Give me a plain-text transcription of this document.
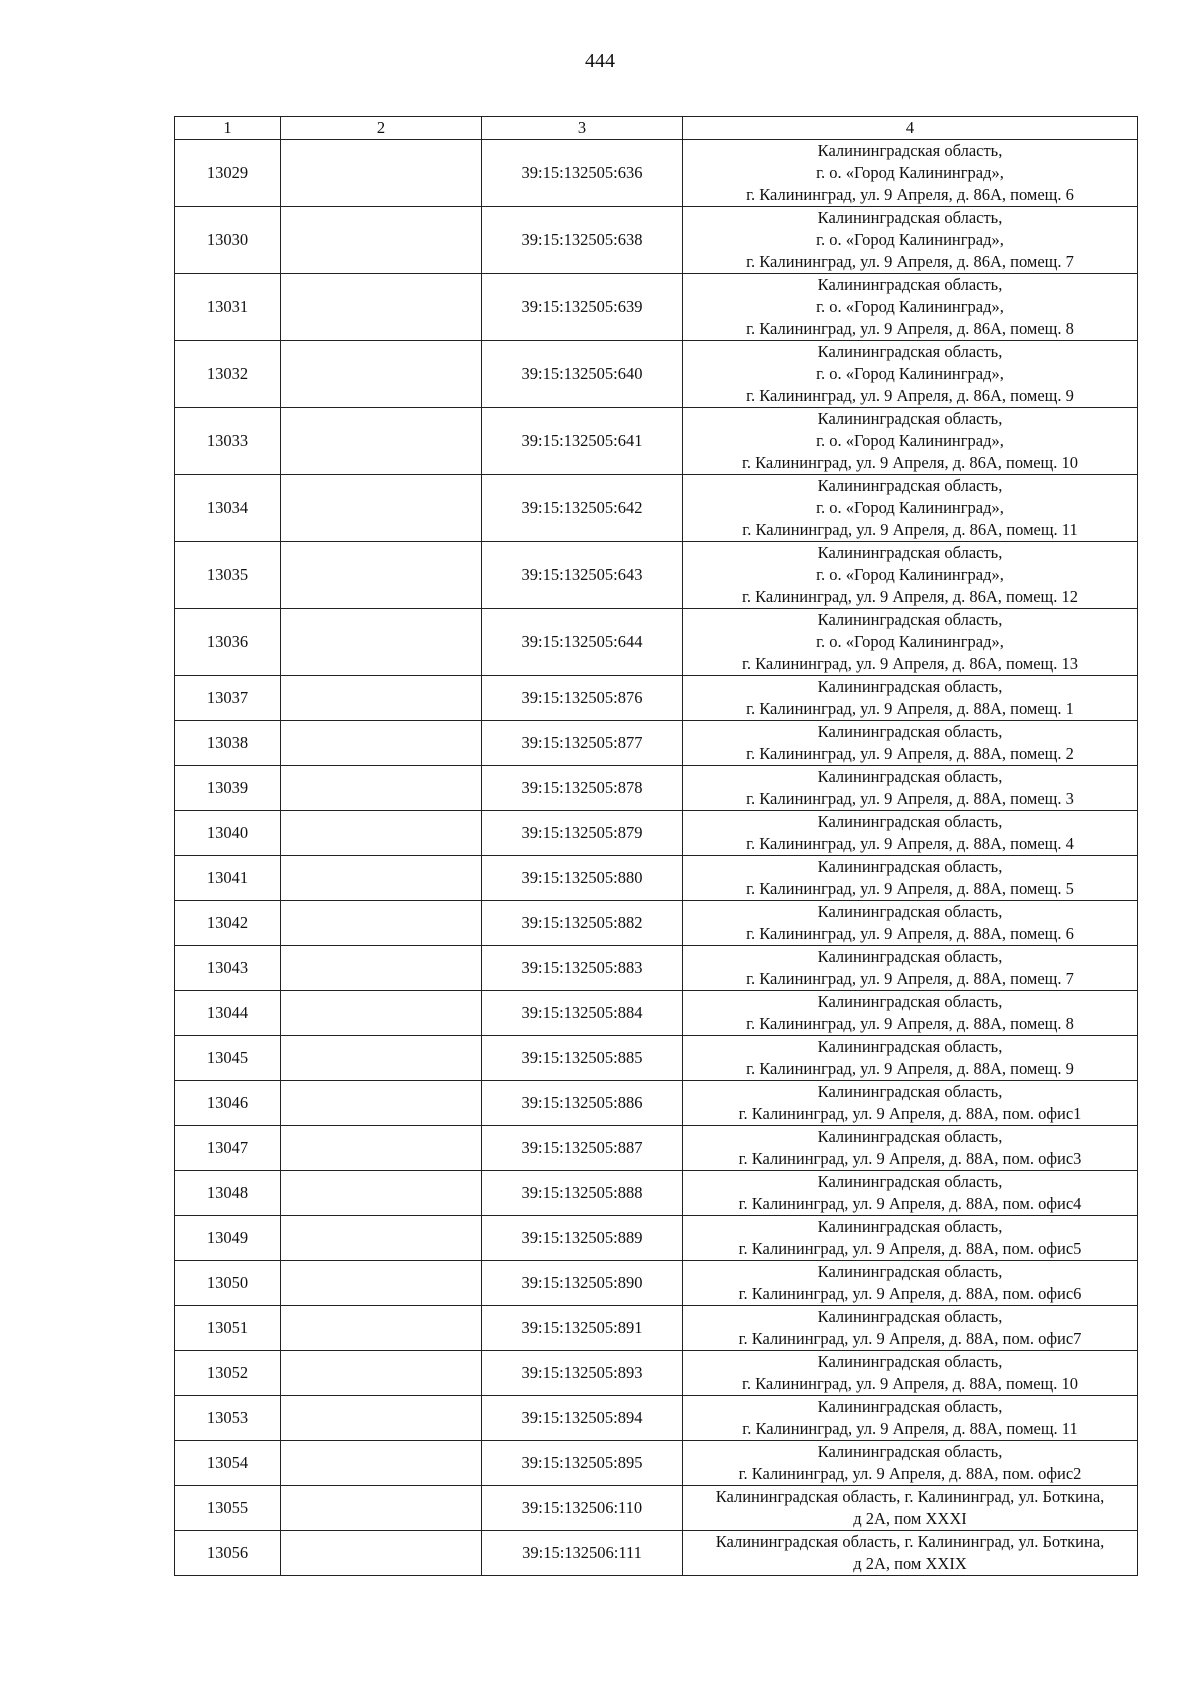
444
1	2	3	4
13029		39:15:132505:636	Калининградская область,
г. о. «Город Калининград»,
г. Калининград, ул. 9 Апреля, д. 86А, помещ. 6

13030		39:15:132505:638	Калининградская область,
г. о. «Город Калининград»,
г. Калининград, ул. 9 Апреля, д. 86А, помещ. 7

13031		39:15:132505:639	Калининградская область,
г. о. «Город Калининград»,
г. Калининград, ул. 9 Апреля, д. 86А, помещ. 8

13032		39:15:132505:640	Калининградская область,
г. о. «Город Калининград»,
г. Калининград, ул. 9 Апреля, д. 86А, помещ. 9

13033		39:15:132505:641	Калининградская область,
г. о. «Город Калининград»,
г. Калининград, ул. 9 Апреля, д. 86А, помещ. 10

13034		39:15:132505:642	Калининградская область,
г. о. «Город Калининград»,
г. Калининград, ул. 9 Апреля, д. 86А, помещ. 11

13035		39:15:132505:643	Калининградская область,
г. о. «Город Калининград»,
г. Калининград, ул. 9 Апреля, д. 86А, помещ. 12

13036		39:15:132505:644	Калининградская область,
г. о. «Город Калининград»,
г. Калининград, ул. 9 Апреля, д. 86А, помещ. 13

13037		39:15:132505:876	Калининградская область,
г. Калининград, ул. 9 Апреля, д. 88А, помещ. 1

13038		39:15:132505:877	Калининградская область,
г. Калининград, ул. 9 Апреля, д. 88А, помещ. 2

13039		39:15:132505:878	Калининградская область,
г. Калининград, ул. 9 Апреля, д. 88А, помещ. 3

13040		39:15:132505:879	Калининградская область,
г. Калининград, ул. 9 Апреля, д. 88А, помещ. 4

13041		39:15:132505:880	Калининградская область,
г. Калининград, ул. 9 Апреля, д. 88А, помещ. 5

13042		39:15:132505:882	Калининградская область,
г. Калининград, ул. 9 Апреля, д. 88А, помещ. 6

13043		39:15:132505:883	Калининградская область,
г. Калининград, ул. 9 Апреля, д. 88А, помещ. 7

13044		39:15:132505:884	Калининградская область,
г. Калининград, ул. 9 Апреля, д. 88А, помещ. 8

13045		39:15:132505:885	Калининградская область,
г. Калининград, ул. 9 Апреля, д. 88А, помещ. 9

13046		39:15:132505:886	Калининградская область,
г. Калининград, ул. 9 Апреля, д. 88А, пом. офис1

13047		39:15:132505:887	Калининградская область,
г. Калининград, ул. 9 Апреля, д. 88А, пом. офис3

13048		39:15:132505:888	Калининградская область,
г. Калининград, ул. 9 Апреля, д. 88А, пом. офис4

13049		39:15:132505:889	Калининградская область,
г. Калининград, ул. 9 Апреля, д. 88А, пом. офис5

13050		39:15:132505:890	Калининградская область,
г. Калининград, ул. 9 Апреля, д. 88А, пом. офис6

13051		39:15:132505:891	Калининградская область,
г. Калининград, ул. 9 Апреля, д. 88А, пом. офис7

13052		39:15:132505:893	Калининградская область,
г. Калининград, ул. 9 Апреля, д. 88А, помещ. 10

13053		39:15:132505:894	Калининградская область,
г. Калининград, ул. 9 Апреля, д. 88А, помещ. 11

13054		39:15:132505:895	Калининградская область,
г. Калининград, ул. 9 Апреля, д. 88А, пом. офис2

13055		39:15:132506:110	Калининградская область, г. Калининград, ул. Боткина,
д 2А, пом XXXI

13056		39:15:132506:111	Калининградская область, г. Калининград, ул. Боткина,
д 2А, пом XXIX
